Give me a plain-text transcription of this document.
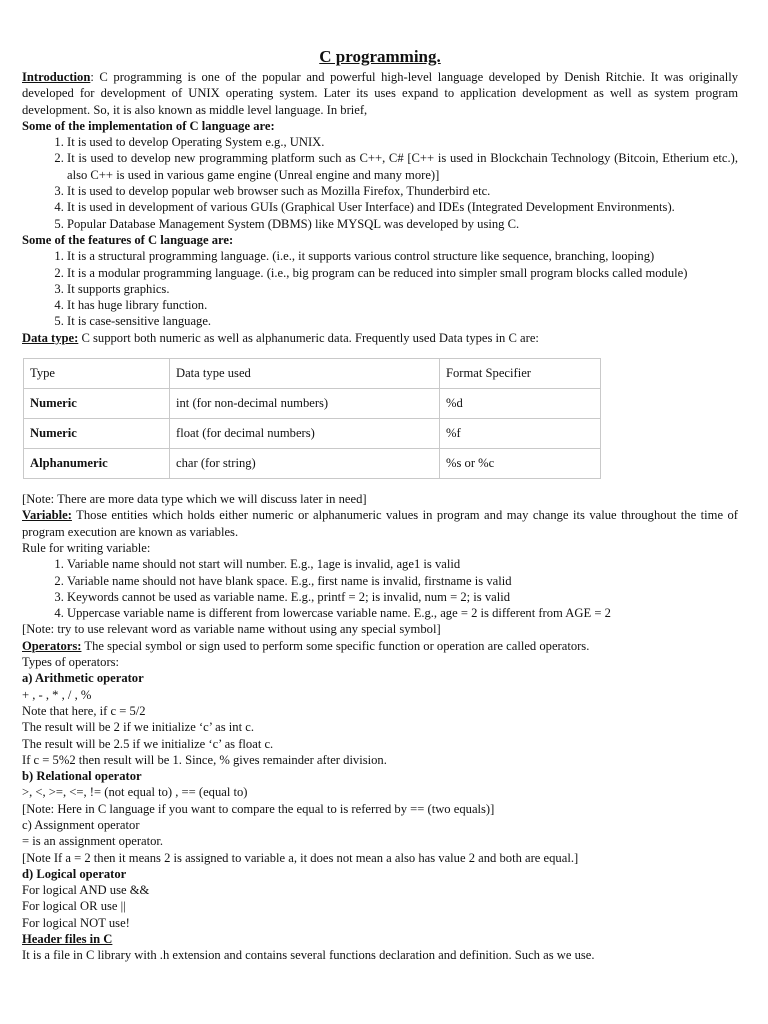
C programming.

Introduction: C programming is one of the popular and powerful high-level language developed by Denish Ritchie. It was originally developed for development of UNIX operating system. Later its uses expand to application development as well as system program development. So, it is also known as middle level language. In brief,

Some of the implementation of C language are:

1. It is used to develop Operating System e.g., UNIX.
2. It is used to develop new programming platform such as C++, C# [C++ is used in Blockchain Technology (Bitcoin, Etherium etc.), also C++ is used in various game engine (Unreal engine and many more)]
3. It is used to develop popular web browser such as Mozilla Firefox, Thunderbird etc.
4. It is used in development of various GUIs (Graphical User Interface) and IDEs (Integrated Development Environments).
5. Popular Database Management System (DBMS) like MYSQL was developed by using C.

Some of the features of C language are:

1. It is a structural programming language. (i.e., it supports various control structure like sequence, branching, looping)
2. It is a modular programming language. (i.e., big program can be reduced into simpler small program blocks called module)
3. It supports graphics.
4. It has huge library function.
5. It is case-sensitive language.

Data type: C support both numeric as well as alphanumeric data. Frequently used Data types in C are:

Type	Data type used	Format Specifier
Numeric	int (for non-decimal numbers)	%d
Numeric	float (for decimal numbers)	%f
Alphanumeric	char (for string)	%s or %c

[Note: There are more data type which we will discuss later in need]

Variable: Those entities which holds either numeric or alphanumeric values in program and may change its value throughout the time of program execution are known as variables.

Rule for writing variable:

1. Variable name should not start will number. E.g., 1age is invalid, age1 is valid
2. Variable name should not have blank space. E.g., first name is invalid, firstname is valid
3. Keywords cannot be used as variable name. E.g., printf = 2; is invalid, num = 2; is valid
4. Uppercase variable name is different from lowercase variable name. E.g., age = 2 is different from AGE = 2

[Note: try to use relevant word as variable name without using any special symbol]

Operators: The special symbol or sign used to perform some specific function or operation are called operators.

Types of operators:

a) Arithmetic operator

+ , - , * , / , %

Note that here, if c = 5/2

The result will be 2 if we initialize ‘c’ as int c.

The result will be 2.5 if we initialize ‘c’ as float c.

If c = 5%2 then result will be 1. Since, % gives remainder after division.

b) Relational operator

>, <, >=, <=, != (not equal to) , == (equal to)

[Note: Here in C language if you want to compare the equal to is referred by == (two equals)]

c) Assignment operator

= is an assignment operator.

[Note If a = 2 then it means 2 is assigned to variable a, it does not mean a also has value 2 and both are equal.]

d) Logical operator

For logical AND use &&

For logical OR use ||

For logical NOT use!

Header files in C

It is a file in C library with .h extension and contains several functions declaration and definition. Such as we use.
